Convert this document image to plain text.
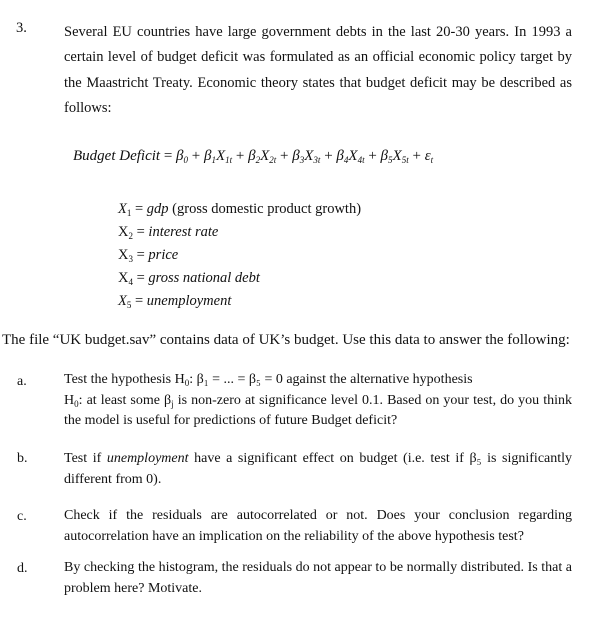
3.	Several EU countries have large government debts in the last 20-30 years. In 1993 a certain level of budget deficit was formulated as an official economic policy target by the Maastricht Treaty. Economic theory states that budget deficit may be described as follows:
Budget Deficit = $\beta_0 + \beta_1X_{1t} + \beta_2X_{2t} + \beta_3X_{3t} + \beta_4X_{4t} + \beta_5X_{5t} + \varepsilon_t$
$X_1$ = gdp (gross domestic product growth)
$X_2$ = interest rate
$X_3$ = price
$X_4$ = gross national debt
$X_5$ = unemployment
The file “UK budget.sav” contains data of UK’s budget. Use this data to answer the following:
a.	Test the hypothesis $H_0$: β₁ = ... = β₅ = 0 against the alternative hypothesis
$H_0$: at least some $\beta_j$ is non-zero at significance level 0.1. Based on your test, do you think the model is useful for predictions of future Budget deficit?
b.	Test if unemployment have a significant effect on budget (i.e. test if β₅ is significantly different from 0).
c.	Check if the residuals are autocorrelated or not. Does your conclusion regarding autocorrelation have an implication on the reliability of the above hypothesis test?
d.	By checking the histogram, the residuals do not appear to be normally distributed. Is that a problem here? Motivate.
